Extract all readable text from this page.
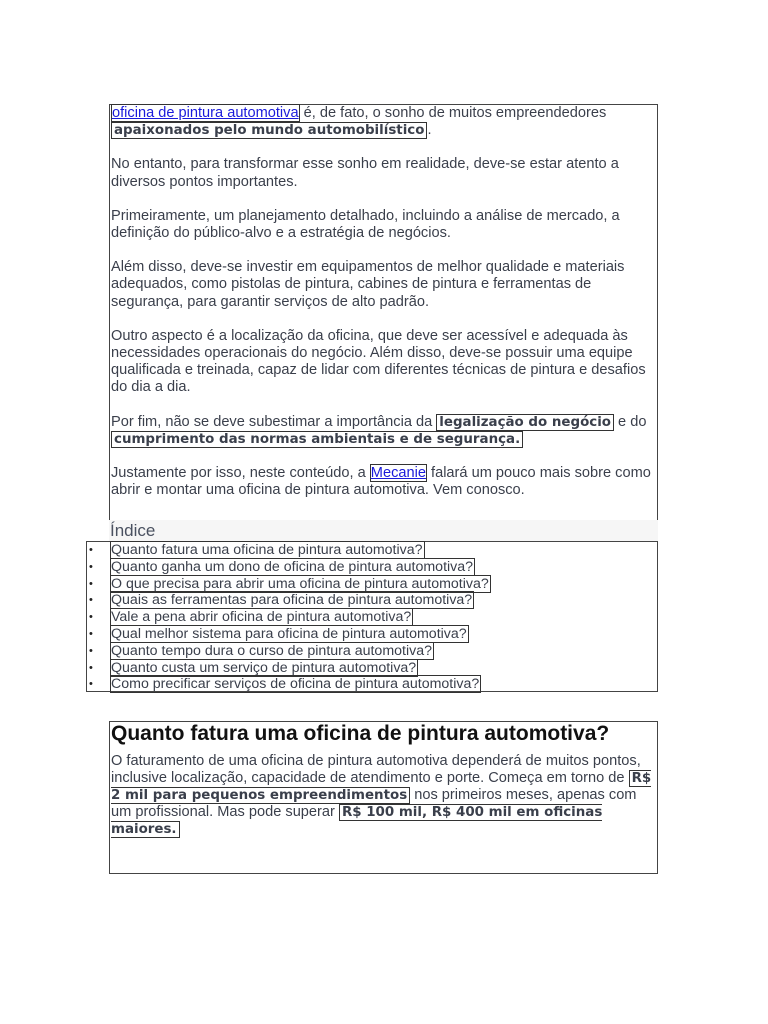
oficina de pintura automotiva é, de fato, o sonho de muitos empreendedores apaixonados pelo mundo automobilístico .

No entanto, para transformar esse sonho em realidade, deve-se estar atento a diversos pontos importantes.

Primeiramente, um planejamento detalhado, incluindo a análise de mercado, a definição do público-alvo e a estratégia de negócios.

Além disso, deve-se investir em equipamentos de melhor qualidade e materiais adequados, como pistolas de pintura, cabines de pintura e ferramentas de segurança, para garantir serviços de alto padrão.

Outro aspecto é a localização da oficina, que deve ser acessível e adequada às necessidades operacionais do negócio. Além disso, deve-se possuir uma equipe qualificada e treinada, capaz de lidar com diferentes técnicas de pintura e desafios do dia a dia.

Por fim, não se deve subestimar a importância da legalização do negócio e do cumprimento das normas ambientais e de segurança.

Justamente por isso, neste conteúdo, a Mecanie falará um pouco mais sobre como abrir e montar uma oficina de pintura automotiva. Vem conosco.

Índice
• Quanto fatura uma oficina de pintura automotiva?
• Quanto ganha um dono de oficina de pintura automotiva?
• O que precisa para abrir uma oficina de pintura automotiva?
• Quais as ferramentas para oficina de pintura automotiva?
• Vale a pena abrir oficina de pintura automotiva?
• Qual melhor sistema para oficina de pintura automotiva?
• Quanto tempo dura o curso de pintura automotiva?
• Quanto custa um serviço de pintura automotiva?
• Como precificar serviços de oficina de pintura automotiva?
Quanto fatura uma oficina de pintura automotiva?

O faturamento de uma oficina de pintura automotiva dependerá de muitos pontos, inclusive localização, capacidade de atendimento e porte. Começa em torno de R$ 2 mil para pequenos empreendimentos nos primeiros meses, apenas com um profissional. Mas pode superar R$ 100 mil, R$ 400 mil em oficinas maiores.
